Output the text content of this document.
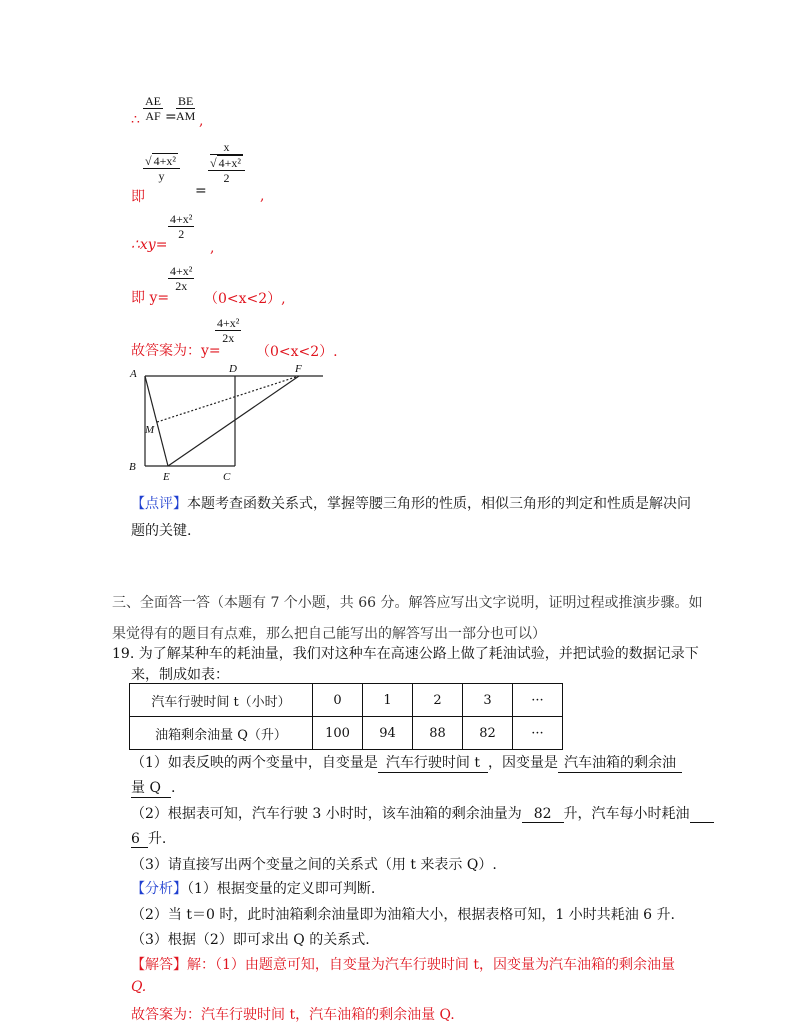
$\frac{AE}{AF} \frac{BE}{AM}$
∴ = ,
即
$\frac{\text{√ 4+x²}}{y}$
=
x
√ 4+x²
2
,
∴xy=
$\frac{\text{4+x²}}{2}$
,
即 y=
$\frac{\text{4+x²}}{2x}$
（0<x<2）,
故答案为：y=
$\frac{\text{4+x²}}{2x}$
（0<x<2）.
A	D	F
M
B
E	C
【点评】本题考查函数关系式，掌握等腰三角形的性质，相似三角形的判定和性质是解决问
题的关键.
三、全面答一答（本题有 7 个小题，共 66 分。解答应写出文字说明，证明过程或推演步骤。如
果觉得有的题目有点难，那么把自己能写出的解答写出一部分也可以）
19. 为了解某种车的耗油量，我们对这种车在高速公路上做了耗油试验，并把试验的数据记录下
来，制成如表：
汽车行驶时间 t（小时）	0	1	2	3	···
油箱剩余油量 Q（升）	100	94	88	82	···
（1）如表反映的两个变量中，自变量是 汽车行驶时间 t ，因变量是 汽车油箱的剩余油
量 Q .
（2）根据表可知，汽车行驶 3 小时时，该车油箱的剩余油量为 82 升，汽车每小时耗油
6 升.
（3）请直接写出两个变量之间的关系式（用 t 来表示 Q）.
【分析】（1）根据变量的定义即可判断.
（2）当 t＝0 时，此时油箱剩余油量即为油箱大小，根据表格可知，1 小时共耗油 6 升.
（3）根据（2）即可求出 Q 的关系式.
【解答】解：（1）由题意可知，自变量为汽车行驶时间 t，因变量为汽车油箱的剩余油量
Q.
故答案为：汽车行驶时间 t，汽车油箱的剩余油量 Q.
